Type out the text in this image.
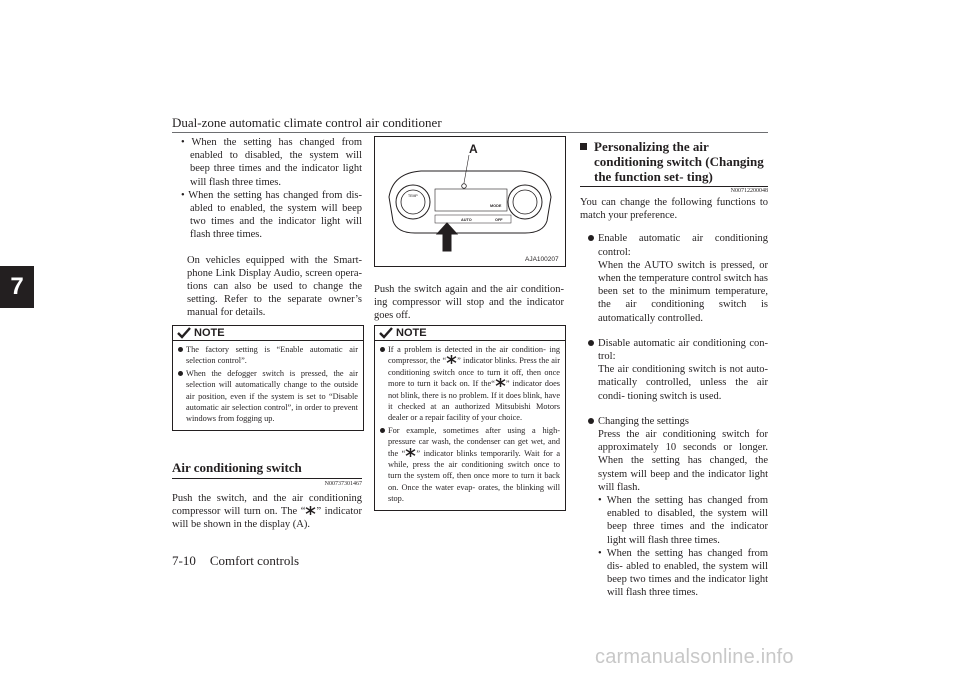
Dual-zone automatic climate control air conditioner
7
• When the setting has changed from enabled to disabled, the system will beep three times and the indicator light will flash three times.
• When the setting has changed from dis- abled to enabled, the system will beep two times and the indicator light will flash three times.

On vehicles equipped with the Smart- phone Link Display Audio, screen opera- tions can also be used to change the setting. Refer to the separate owner’s manual for details.

NOTE
The factory setting is “Enable automatic air selection control”.
When the defogger switch is pressed, the air selection will automatically change to the outside air position, even if the system is set to “Disable automatic air selection control”, in order to prevent windows from fogging up.
Air conditioning switch
N00737301467

Push the switch, and the air conditioning compressor will turn on. The “ ” indicator will be shown in the display (A).

A
TEMP
MODE
AUTO	OFF
AJA100207

Push the switch again and the air condition- ing compressor will stop and the indicator goes off.

NOTE
If a problem is detected in the air condition- ing compressor, the “ ” indicator blinks. Press the air conditioning switch once to turn it off, then once more to turn it back on. If the“ ” indicator does not blink, there is no problem. If it does blink, have it checked at an authorized Mitsubishi Motors dealer or a repair facility of your choice.
For example, sometimes after using a high- pressure car wash, the condenser can get wet, and the “ ” indicator blinks temporarily. Wait for a while, press the air conditioning switch once to turn the system off, then once more to turn it back on. Once the water evap- orates, the blinking will stop.
Personalizing the air conditioning switch (Changing the function set- ting)
N00712200048

You can change the following functions to match your preference.

Enable automatic air conditioning control:
When the AUTO switch is pressed, or when the temperature control switch has been set to the minimum temperature, the air conditioning switch is automatically controlled.
Disable automatic air conditioning con- trol:
The air conditioning switch is not auto- matically controlled, unless the air condi- tioning switch is used.
Changing the settings
Press the air conditioning switch for approximately 10 seconds or longer. When the setting has changed, the system will beep and the indicator light will flash.
• When the setting has changed from enabled to disabled, the system will beep three times and the indicator light will flash three times.
• When the setting has changed from dis- abled to enabled, the system will beep two times and the indicator light will flash three times.
7-10 Comfort controls
carmanualsonline.info
